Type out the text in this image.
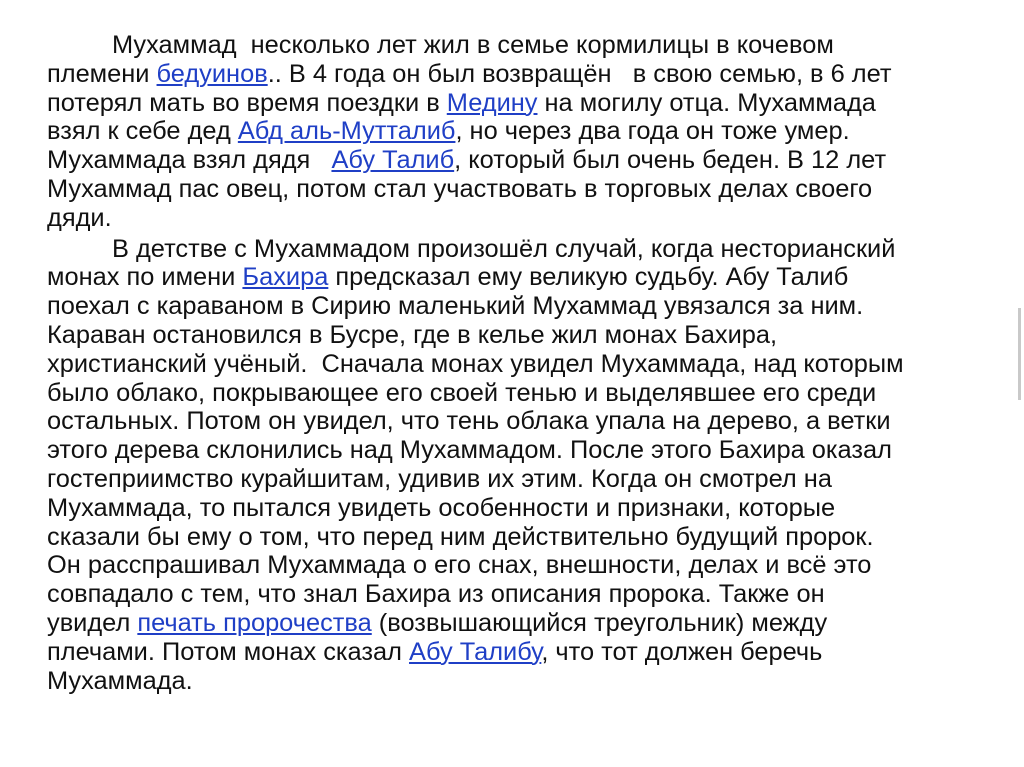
Мухаммад  несколько лет жил в семье кормилицы в кочевом
племени бедуинов.. В 4 года он был возвращён   в свою семью, в 6 лет
потерял мать во время поездки в Медину на могилу отца. Мухаммада
взял к себе дед Абд аль-Мутталиб, но через два года он тоже умер.
Мухаммада взял дядя   Абу Талиб, который был очень беден. В 12 лет
Мухаммад пас овец, потом стал участвовать в торговых делах своего
дяди.

В детстве с Мухаммадом произошёл случай, когда несторианский
монах по имени Бахира предсказал ему великую судьбу. Абу Талиб
поехал с караваном в Сирию маленький Мухаммад увязался за ним.
Караван остановился в Бусре, где в келье жил монах Бахира,
христианский учёный.  Сначала монах увидел Мухаммада, над которым
было облако, покрывающее его своей тенью и выделявшее его среди
остальных. Потом он увидел, что тень облака упала на дерево, а ветки
этого дерева склонились над Мухаммадом. После этого Бахира оказал
гостеприимство курайшитам, удивив их этим. Когда он смотрел на
Мухаммада, то пытался увидеть особенности и признаки, которые
сказали бы ему о том, что перед ним действительно будущий пророк.
Он расспрашивал Мухаммада о его снах, внешности, делах и всё это
совпадало с тем, что знал Бахира из описания пророка. Также он
увидел печать пророчества (возвышающийся треугольник) между
плечами. Потом монах сказал Абу Талибу, что тот должен беречь
Мухаммада.
